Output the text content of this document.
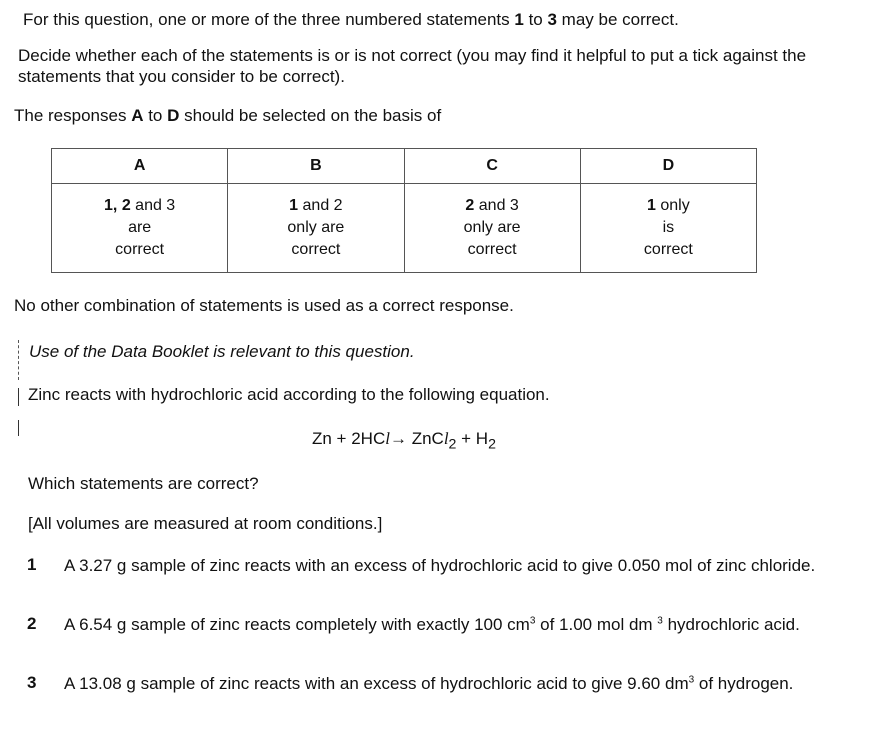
For this question, one or more of the three numbered statements 1 to 3 may be correct.
Decide whether each of the statements is or is not correct (you may find it helpful to put a tick against the statements that you consider to be correct).
The responses A to D should be selected on the basis of
A	B	C	D

1, 2 and 3
are
correct	1 and 2
only are
correct	2 and 3
only are
correct	1 only
is
correct
No other combination of statements is used as a correct response.
Use of the Data Booklet is relevant to this question.
Zinc reacts with hydrochloric acid according to the following equation.
Zn + 2HCl→ ZnCl$_2$ + $H_2$
Which statements are correct?
[All volumes are measured at room conditions.]
1 A 3.27 g sample of zinc reacts with an excess of hydrochloric acid to give 0.050 mol of zinc chloride.
2 A 6.54 g sample of zinc reacts completely with exactly 100 $cm^3$ of 1.00 mol dm $^3$ hydrochloric acid.
3 A 13.08 g sample of zinc reacts with an excess of hydrochloric acid to give 9.60 $dm^3$ of hydrogen.
